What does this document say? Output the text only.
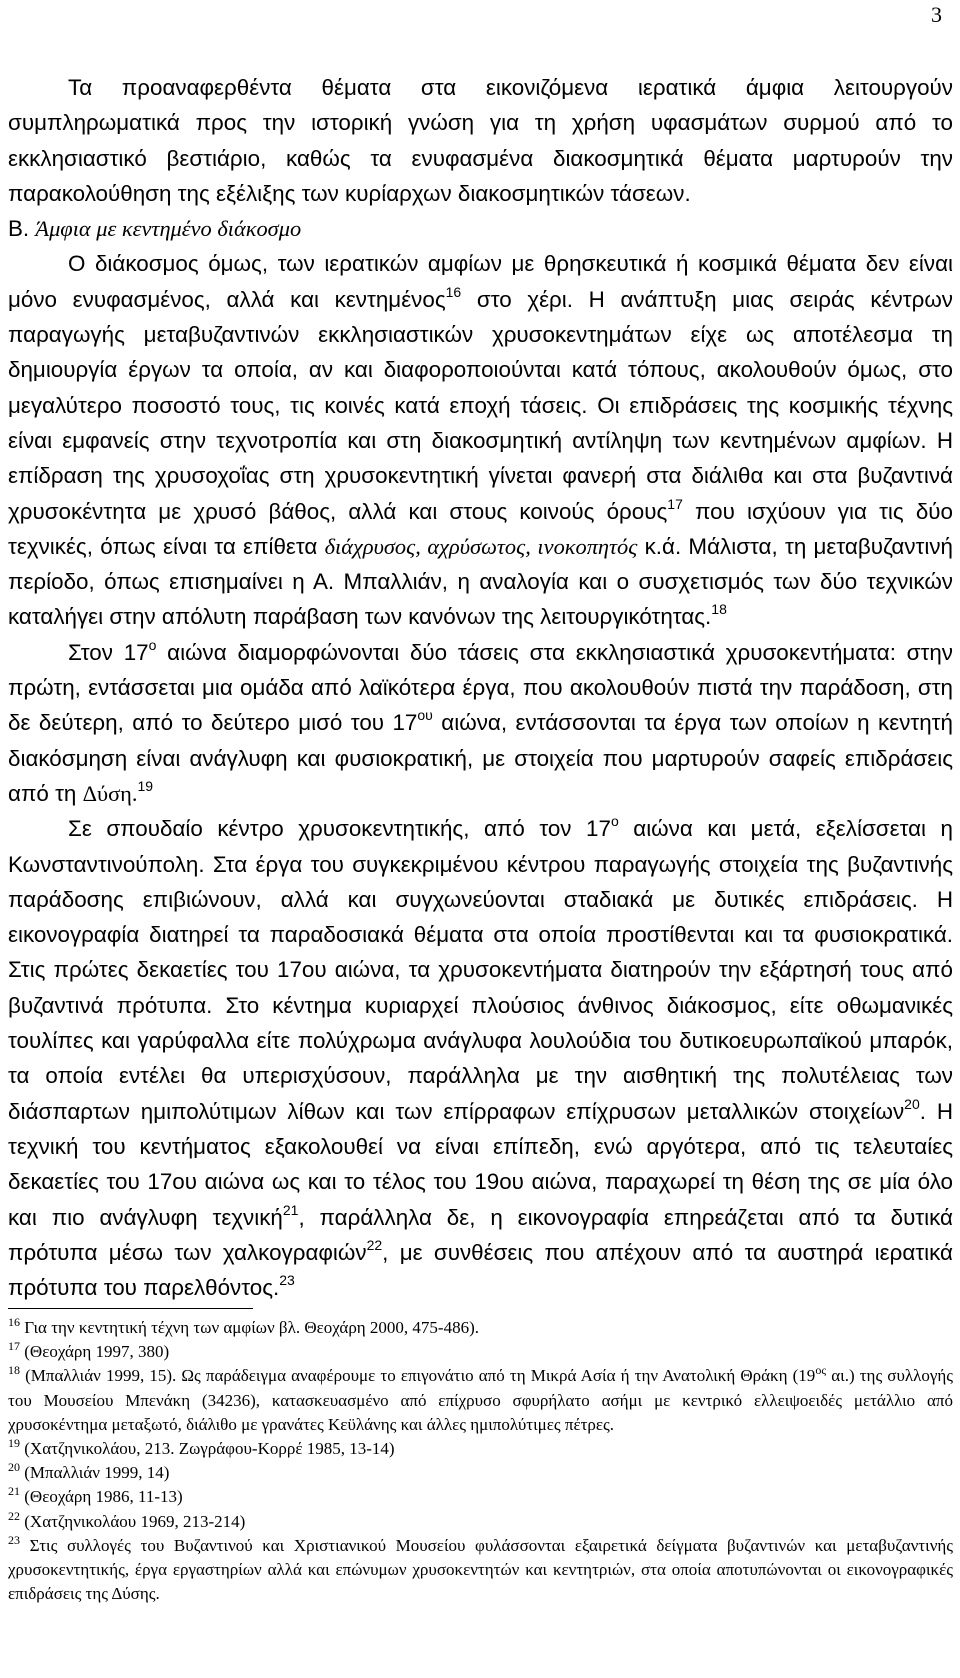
3

Τα προαναφερθέντα θέματα στα εικονιζόμενα ιερατικά άμφια λειτουργούν συμπληρωματικά προς την ιστορική γνώση για τη χρήση υφασμάτων συρμού από το εκκλησιαστικό βεστιάριο, καθώς τα ενυφασμένα διακοσμητικά θέματα μαρτυρούν την παρακολούθηση της εξέλιξης των κυρίαρχων διακοσμητικών τάσεων.

Β. Άμφια με κεντημένο διάκοσμο

Ο διάκοσμος όμως, των ιερατικών αμφίων με θρησκευτικά ή κοσμικά θέματα δεν είναι μόνο ενυφασμένος, αλλά και κεντημένος$^{16}$ στο χέρι. Η ανάπτυξη μιας σειράς κέντρων παραγωγής μεταβυζαντινών εκκλησιαστικών χρυσοκεντημάτων είχε ως αποτέλεσμα τη δημιουργία έργων τα οποία, αν και διαφοροποιούνται κατά τόπους, ακολουθούν όμως, στο μεγαλύτερο ποσοστό τους, τις κοινές κατά εποχή τάσεις. Οι επιδράσεις της κοσμικής τέχνης είναι εμφανείς στην τεχνοτροπία και στη διακοσμητική αντίληψη των κεντημένων αμφίων. Η επίδραση της χρυσοχοΐας στη χρυσοκεντητική γίνεται φανερή στα διάλιθα και στα βυζαντινά χρυσοκέντητα με χρυσό βάθος, αλλά και στους κοινούς όρους$^{17}$ που ισχύουν για τις δύο τεχνικές, όπως είναι τα επίθετα διάχρυσος, αχρύσωτος, ινοκοπητός κ.ά. Μάλιστα, τη μεταβυζαντινή περίοδο, όπως επισημαίνει η Α. Μπαλλιάν, η αναλογία και ο συσχετισμός των δύο τεχνικών καταλήγει στην απόλυτη παράβαση των κανόνων της λειτουργικότητας.$^{18}$

Στον $17^o$ αιώνα διαμορφώνονται δύο τάσεις στα εκκλησιαστικά χρυσοκεντήματα: στην πρώτη, εντάσσεται μια ομάδα από λαϊκότερα έργα, που ακολουθούν πιστά την παράδοση, στη δε δεύτερη, από το δεύτερο μισό του $17^{o\upsilon}$ αιώνα, εντάσσονται τα έργα των οποίων η κεντητή διακόσμηση είναι ανάγλυφη και φυσιοκρατική, με στοιχεία που μαρτυρούν σαφείς επιδράσεις από τη Δύση.$^{19}$

Σε σπουδαίο κέντρο χρυσοκεντητικής, από τον $17^o$ αιώνα και μετά, εξελίσσεται η Κωνσταντινούπολη. Στα έργα του συγκεκριμένου κέντρου παραγωγής στοιχεία της βυζαντινής παράδοσης επιβιώνουν, αλλά και συγχωνεύονται σταδιακά με δυτικές επιδράσεις. Η εικονογραφία διατηρεί τα παραδοσιακά θέματα στα οποία προστίθενται και τα φυσιοκρατικά. Στις πρώτες δεκαετίες του 17ου αιώνα, τα χρυσοκεντήματα διατηρούν την εξάρτησή τους από βυζαντινά πρότυπα. Στο κέντημα κυριαρχεί πλούσιος άνθινος διάκοσμος, είτε οθωμανικές τουλίπες και γαρύφαλλα είτε πολύχρωμα ανάγλυφα λουλούδια του δυτικοευρωπαϊκού μπαρόκ, τα οποία εντέλει θα υπερισχύσουν, παράλληλα με την αισθητική της πολυτέλειας των διάσπαρτων ημιπολύτιμων λίθων και των επίρραφων επίχρυσων μεταλλικών στοιχείων$^{20}$. Η τεχνική του κεντήματος εξακολουθεί να είναι επίπεδη, ενώ αργότερα, από τις τελευταίες δεκαετίες του 17ου αιώνα ως και το τέλος του 19ου αιώνα, παραχωρεί τη θέση της σε μία όλο και πιο ανάγλυφη τεχνική$^{21}$, παράλληλα δε, η εικονογραφία επηρεάζεται από τα δυτικά πρότυπα μέσω των χαλκογραφιών$^{22}$, με συνθέσεις που απέχουν από τα αυστηρά ιερατικά πρότυπα του παρελθόντος.$^{23}$

$^{16}$ Για την κεντητική τέχνη των αμφίων βλ. Θεοχάρη 2000, 475-486).

$^{17}$ (Θεοχάρη 1997, 380)

$^{18}$ (Μπαλλιάν 1999, 15). Ως παράδειγμα αναφέρουμε το επιγονάτιο από τη Μικρά Ασία ή την Ανατολική Θράκη ($19^{o\varsigma}$ αι.) της συλλογής του Μουσείου Μπενάκη (34236), κατασκευασμένο από επίχρυσο σφυρήλατο ασήμι με κεντρικό ελλειψοειδές μετάλλιο από χρυσοκέντημα μεταξωτό, διάλιθο με γρανάτες Κεϋλάνης και άλλες ημιπολύτιμες πέτρες.

$^{19}$ (Χατζηνικολάου, 213. Ζωγράφου-Κορρέ 1985, 13-14)

$^{20}$ (Μπαλλιάν 1999, 14)

$^{21}$ (Θεοχάρη 1986, 11-13)

$^{22}$ (Χατζηνικολάου 1969, 213-214)

$^{23}$ Στις συλλογές του Βυζαντινού και Χριστιανικού Μουσείου φυλάσσονται εξαιρετικά δείγματα βυζαντινών και μεταβυζαντινής χρυσοκεντητικής, έργα εργαστηρίων αλλά και επώνυμων χρυσοκεντητών και κεντητριών, στα οποία αποτυπώνονται οι εικονογραφικές επιδράσεις της Δύσης.
